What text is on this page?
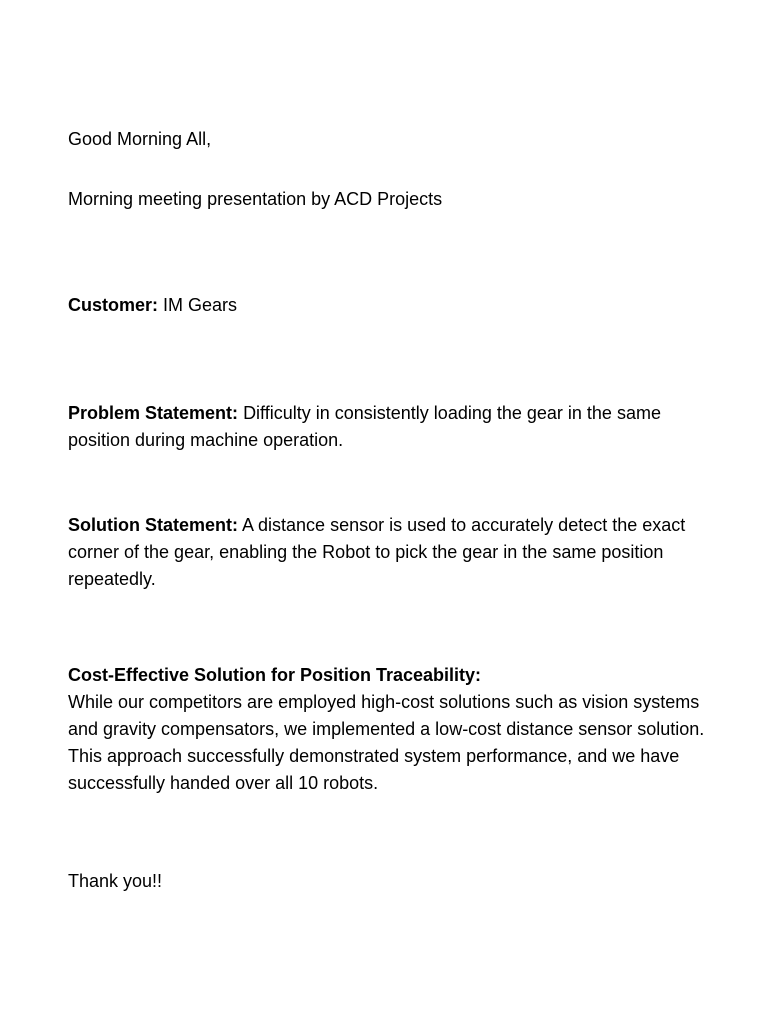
Good Morning All,
Morning meeting presentation by ACD Projects
Customer: IM Gears
Problem Statement: Difficulty in consistently loading the gear in the same position during machine operation.
Solution Statement: A distance sensor is used to accurately detect the exact corner of the gear, enabling the Robot to pick the gear in the same position repeatedly.
Cost-Effective Solution for Position Traceability:
While our competitors are employed high-cost solutions such as vision systems and gravity compensators, we implemented a low-cost distance sensor solution. This approach successfully demonstrated system performance, and we have successfully handed over all 10 robots.
Thank you!!
